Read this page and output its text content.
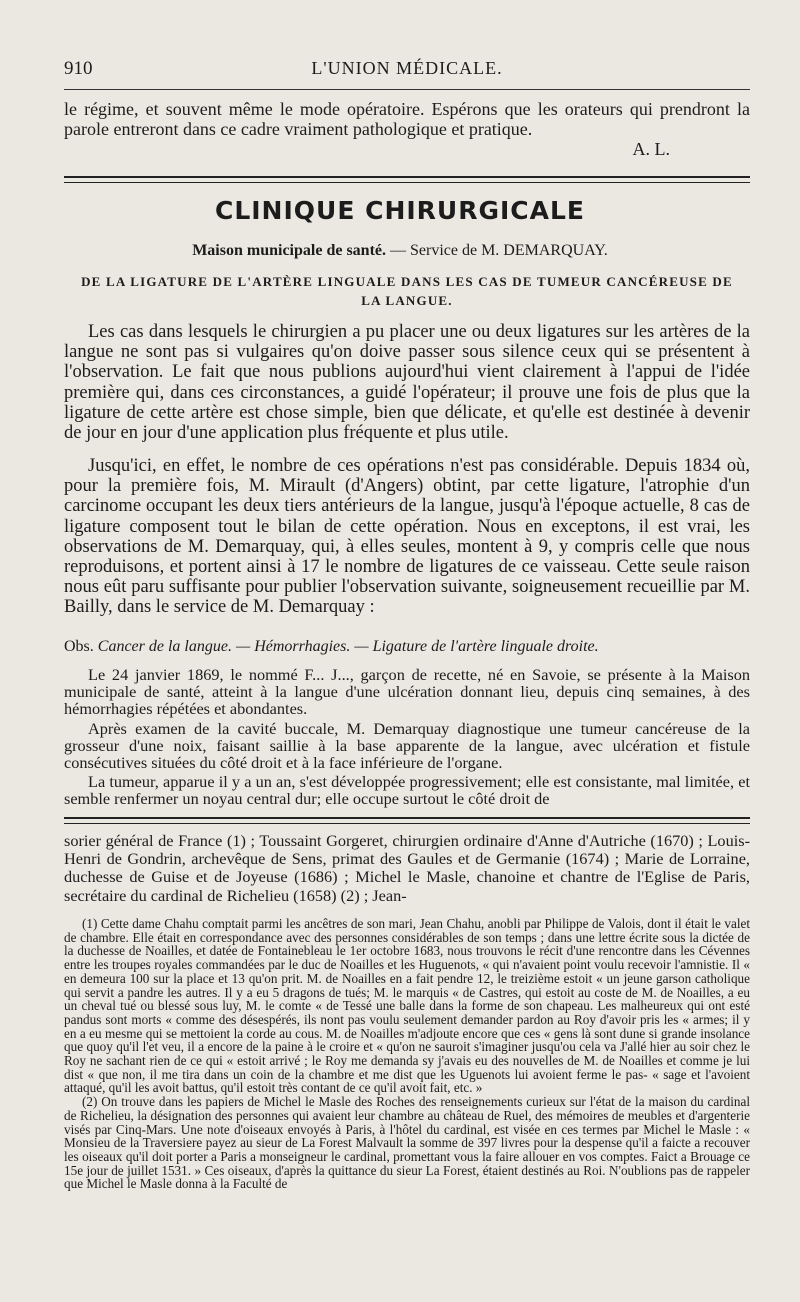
910	L'UNION MÉDICALE.

le régime, et souvent même le mode opératoire. Espérons que les orateurs qui prendront la parole entreront dans ce cadre vraiment pathologique et pratique.

A. L.

CLINIQUE CHIRURGICALE
Maison municipale de santé. — Service de M. DEMARQUAY.
DE LA LIGATURE DE L'ARTÈRE LINGUALE DANS LES CAS DE TUMEUR CANCÉREUSE DE LA LANGUE.

Les cas dans lesquels le chirurgien a pu placer une ou deux ligatures sur les artères de la langue ne sont pas si vulgaires qu'on doive passer sous silence ceux qui se présentent à l'observation. Le fait que nous publions aujourd'hui vient clairement à l'appui de l'idée première qui, dans ces circonstances, a guidé l'opérateur; il prouve une fois de plus que la ligature de cette artère est chose simple, bien que délicate, et qu'elle est destinée à devenir de jour en jour d'une application plus fréquente et plus utile.

Jusqu'ici, en effet, le nombre de ces opérations n'est pas considérable. Depuis 1834 où, pour la première fois, M. Mirault (d'Angers) obtint, par cette ligature, l'atrophie d'un carcinome occupant les deux tiers antérieurs de la langue, jusqu'à l'époque actuelle, 8 cas de ligature composent tout le bilan de cette opération. Nous en exceptons, il est vrai, les observations de M. Demarquay, qui, à elles seules, montent à 9, y compris celle que nous reproduisons, et portent ainsi à 17 le nombre de ligatures de ce vaisseau. Cette seule raison nous eût paru suffisante pour publier l'observation suivante, soigneusement recueillie par M. Bailly, dans le service de M. Demarquay :

Obs. Cancer de la langue. — Hémorrhagies. — Ligature de l'artère linguale droite.

Le 24 janvier 1869, le nommé F... J..., garçon de recette, né en Savoie, se présente à la Maison municipale de santé, atteint à la langue d'une ulcération donnant lieu, depuis cinq semaines, à des hémorrhagies répétées et abondantes.

Après examen de la cavité buccale, M. Demarquay diagnostique une tumeur cancéreuse de la grosseur d'une noix, faisant saillie à la base apparente de la langue, avec ulcération et fistule consécutives situées du côté droit et à la face inférieure de l'organe.

La tumeur, apparue il y a un an, s'est développée progressivement; elle est consistante, mal limitée, et semble renfermer un noyau central dur; elle occupe surtout le côté droit de

sorier général de France (1) ; Toussaint Gorgeret, chirurgien ordinaire d'Anne d'Autriche (1670) ; Louis-Henri de Gondrin, archevêque de Sens, primat des Gaules et de Germanie (1674) ; Marie de Lorraine, duchesse de Guise et de Joyeuse (1686) ; Michel le Masle, chanoine et chantre de l'Eglise de Paris, secrétaire du cardinal de Richelieu (1658) (2) ; Jean-

(1) Cette dame Chahu comptait parmi les ancêtres de son mari, Jean Chahu, anobli par Philippe de Valois, dont il était le valet de chambre. Elle était en correspondance avec des personnes considérables de son temps ; dans une lettre écrite sous la dictée de la duchesse de Noailles, et datée de Fontainebleau le 1er octobre 1683, nous trouvons le récit d'une rencontre dans les Cévennes entre les troupes royales commandées par le duc de Noailles et les Huguenots, « qui n'avaient point voulu recevoir l'amnistie. Il « en demeura 100 sur la place et 13 qu'on prit. M. de Noailles en a fait pendre 12, le treizième estoit « un jeune garson catholique qui servit a pandre les autres. Il y a eu 5 dragons de tués; M. le marquis « de Castres, qui estoit au coste de M. de Noailles, a eu un cheval tué ou blessé sous luy, M. le comte « de Tessé une balle dans la forme de son chapeau. Les malheureux qui ont esté pandus sont morts « comme des désespérés, ils nont pas voulu seulement demander pardon au Roy d'avoir pris les « armes; il y en a eu mesme qui se mettoient la corde au cous. M. de Noailles m'adjoute encore que ces « gens là sont dune si grande insolance que quoy qu'il l'et veu, il a encore de la paine à le croire et « qu'on ne sauroit s'imaginer jusqu'ou cela va J'allé hier au soir chez le Roy ne sachant rien de ce qui « estoit arrivé ; le Roy me demanda sy j'avais eu des nouvelles de M. de Noailles et comme je lui dist « que non, il me tira dans un coin de la chambre et me dist que les Uguenots lui avoient ferme le pas- « sage et l'avoient attaqué, qu'il les avoit battus, qu'il estoit très contant de ce qu'il avoit fait, etc. »

(2) On trouve dans les papiers de Michel le Masle des Roches des renseignements curieux sur l'état de la maison du cardinal de Richelieu, la désignation des personnes qui avaient leur chambre au château de Ruel, des mémoires de meubles et d'argenterie visés par Cinq-Mars. Une note d'oiseaux envoyés à Paris, à l'hôtel du cardinal, est visée en ces termes par Michel le Masle : « Monsieu de la Traversiere payez au sieur de La Forest Malvault la somme de 397 livres pour la despense qu'il a faicte a recouver les oiseaux qu'il doit porter a Paris a monseigneur le cardinal, promettant vous la faire allouer en vos comptes. Faict a Brouage ce 15e jour de juillet 1531. » Ces oiseaux, d'après la quittance du sieur La Forest, étaient destinés au Roi. N'oublions pas de rappeler que Michel le Masle donna à la Faculté de
